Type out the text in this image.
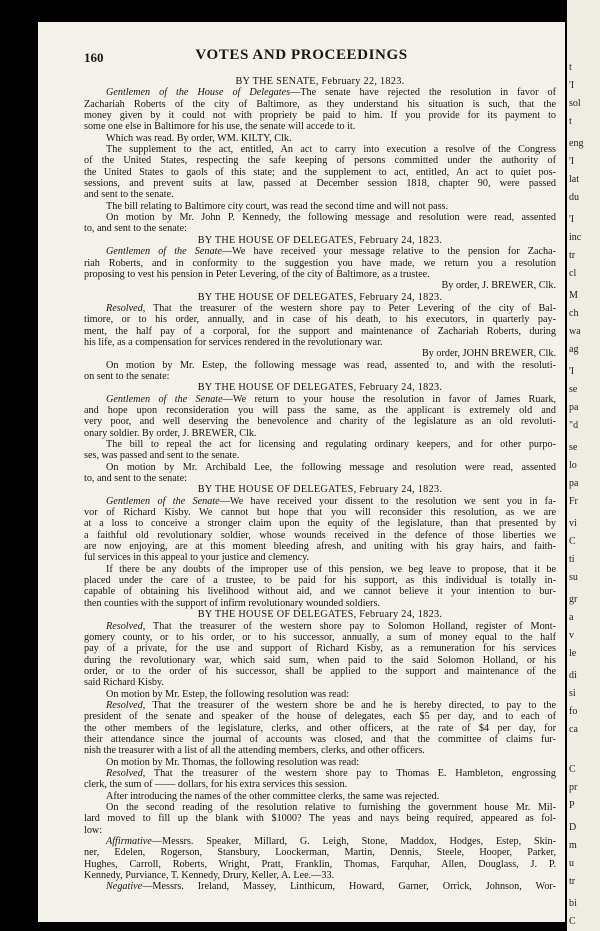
t
'I
sol
t
eng
'I
lat
du
'I
inc
tr
cl
M
ch
wa
ag
'I
se
pa
"d
se
lo
pa
Fr
vi
C
ti
su
gr
a
v
le
di
si
fo
ca
C
pr
P
D
m
u
tr
bi
C
160	VOTES AND PROCEEDINGS
BY THE SENATE, February 22, 1823.
Gentlemen of the House of Delegates—The senate have rejected the resolution in favor of
Zachariah Roberts of the city of Baltimore, as they understand his situation is such, that the
money given by it could not with propriety be paid to him. If you provide for its payment to
some one else in Baltimore for his use, the senate will accede to it.
Which was read. By order, WM. KILTY, Clk.
The supplement to the act, entitled, An act to carry into execution a resolve of the Congress
of the United States, respecting the safe keeping of persons committed under the authority of
the United States to gaols of this state; and the supplement to act, entitled, An act to quiet pos-
sessions, and prevent suits at law, passed at December session 1818, chapter 90, were passed
and sent to the senate.
The bill relating to Baltimore city court, was read the second time and will not pass.
On motion by Mr. John P. Kennedy, the following message and resolution were read, assented
to, and sent to the senate:
BY THE HOUSE OF DELEGATES, February 24, 1823.
Gentlemen of the Senate—We have received your message relative to the pension for Zacha-
riah Roberts, and in conformity to the suggestion you have made, we return you a resolution
proposing to vest his pension in Peter Levering, of the city of Baltimore, as a trustee.
By order, J. BREWER, Clk.
BY THE HOUSE OF DELEGATES, February 24, 1823.
Resolved, That the treasurer of the western shore pay to Peter Levering of the city of Bal-
timore, or to his order, annually, and in case of his death, to his executors, in quarterly pay-
ment, the half pay of a corporal, for the support and maintenance of Zachariah Roberts, during
his life, as a compensation for services rendered in the revolutionary war.
By order, JOHN BREWER, Clk.
On motion by Mr. Estep, the following message was read, assented to, and with the resoluti-
on sent to the senate:
BY THE HOUSE OF DELEGATES, February 24, 1823.
Gentlemen of the Senate—We return to your house the resolution in favor of James Ruark,
and hope upon reconsideration you will pass the same, as the applicant is extremely old and
very poor, and well deserving the benevolence and charity of the legislature as an old revoluti-
onary soldier. By order, J. BREWER, Clk.
The bill to repeal the act for licensing and regulating ordinary keepers, and for other purpo-
ses, was passed and sent to the senate.
On motion by Mr. Archibald Lee, the following message and resolution were read, assented
to, and sent to the senate:
BY THE HOUSE OF DELEGATES, February 24, 1823.
Gentlemen of the Senate—We have received your dissent to the resolution we sent you in fa-
vor of Richard Kisby. We cannot but hope that you will reconsider this resolution, as we are
at a loss to conceive a stronger claim upon the equity of the legislature, than that presented by
a faithful old revolutionary soldier, whose wounds received in the defence of those liberties we
are now enjoying, are at this moment bleeding afresh, and uniting with his gray hairs, and faith-
ful services in this appeal to your justice and clemency.
If there be any doubts of the improper use of this pension, we beg leave to propose, that it be
placed under the care of a trustee, to be paid for his support, as this individual is totally in-
capable of obtaining his livelihood without aid, and we cannot believe it your intention to bur-
then counties with the support of infirm revolutionary wounded soldiers.
BY THE HOUSE OF DELEGATES, February 24, 1823.
Resolved, That the treasurer of the western shore pay to Solomon Holland, register of Mont-
gomery county, or to his order, or to his successor, annually, a sum of money equal to the half
pay of a private, for the use and support of Richard Kisby, as a remuneration for his services
during the revolutionary war, which said sum, when paid to the said Solomon Holland, or his
order, or to the order of his successor, shall be applied to the support and maintenance of the
said Richard Kisby.
On motion by Mr. Estep, the following resolution was read:
Resolved, That the treasurer of the western shore be and he is hereby directed, to pay to the
president of the senate and speaker of the house of delegates, each $5 per day, and to each of
the other members of the legislature, clerks, and other officers, at the rate of $4 per day, for
their attendance since the journal of accounts was closed, and that the committee of claims fur-
nish the treasurer with a list of all the attending members, clerks, and other officers.
On motion by Mr. Thomas, the following resolution was read:
Resolved, That the treasurer of the western shore pay to Thomas E. Hambleton, engrossing
clerk, the sum of —— dollars, for his extra services this session.
After introducing the names of the other committee clerks, the same was rejected.
On the second reading of the resolution relative to furnishing the government house Mr. Mil-
lard moved to fill up the blank with $1000? The yeas and nays being required, appeared as fol-
low:
Affirmative—Messrs. Speaker, Millard, G. Leigh, Stone, Maddox, Hodges, Estep, Skin-
ner, Edelen, Rogerson, Stansbury, Loockerman, Martin, Dennis, Steele, Hooper, Parker,
Hughes, Carroll, Roberts, Wright, Pratt, Franklin, Thomas, Farquhar, Allen, Douglass, J. P.
Kennedy, Purviance, T. Kennedy, Drury, Keller, A. Lee.—33.
Negative—Messrs. Ireland, Massey, Linthicum, Howard, Garner, Orrick, Johnson, Wor-
